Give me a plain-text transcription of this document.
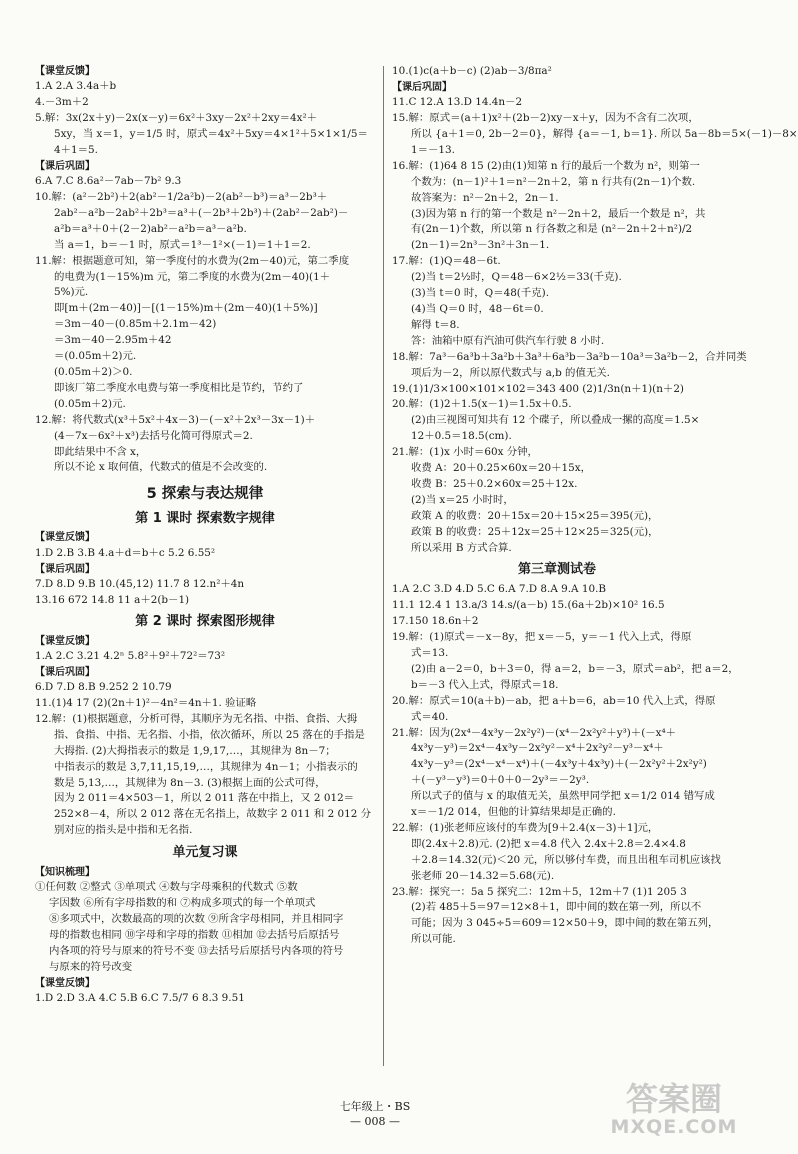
【课堂反馈】
1.A 2.A 3.4a＋b
4.－3m＋2
5.解：3x(2x＋y)－2x(x－y)＝6x²＋3xy－2x²＋2xy＝4x²＋
5xy，当 x＝1，y＝1/5 时，原式＝4x²＋5xy＝4×1²＋5×1×1/5＝
4＋1＝5.
【课后巩固】
6.A 7.C 8.6a²－7ab－7b² 9.3
10.解：(a²－2b²)＋2(ab²－1/2a²b)－2(ab²－b³)＝a³－2b³＋
2ab²－a²b－2ab²＋2b³＝a³＋(－2b³＋2b³)＋(2ab²－2ab²)－
a²b＝a³＋0＋(2－2)ab²－a²b＝a³－a²b.
当 a＝1，b＝－1 时，原式＝1³－1²×(－1)＝1＋1＝2.
11.解：根据题意可知，第一季度付的水费为(2m－40)元，第二季度
的电费为(1－15%)m 元，第二季度的水费为(2m－40)(1＋
5%)元.
即[m＋(2m－40)]－[(1－15%)m＋(2m－40)(1＋5%)]
＝3m－40－(0.85m＋2.1m－42)
＝3m－40－2.95m＋42
＝(0.05m＋2)元.
(0.05m＋2)＞0.
即该厂第二季度水电费与第一季度相比是节约，节约了
(0.05m＋2)元.
12.解：将代数式(x³＋5x²＋4x－3)－(－x²＋2x³－3x－1)＋
(4－7x－6x²＋x³)去括号化简可得原式＝2.
即此结果中不含 x，
所以不论 x 取何值，代数式的值是不会改变的.
5 探索与表达规律
第 1 课时 探索数字规律
【课堂反馈】
1.D 2.B 3.B 4.a＋d＝b＋c 5.2 6.55²
【课后巩固】
7.D 8.D 9.B 10.(45,12) 11.7 8 12.n²＋4n
13.16 672 14.8 11 a＋2(b－1)
第 2 课时 探索图形规律
【课堂反馈】
1.A 2.C 3.21 4.2ⁿ 5.8²＋9²＋72²＝73²
【课后巩固】
6.D 7.D 8.B 9.252 2 10.79
11.(1)4 17 (2)(2n＋1)²－4n²＝4n＋1. 验证略
12.解：(1)根据题意，分析可得，其顺序为无名指、中指、食指、大拇
指、食指、中指、无名指、小指，依次循环，所以 25 落在的手指是
大拇指. (2)大拇指表示的数是 1,9,17,…，其规律为 8n－7；
中指表示的数是 3,7,11,15,19,…，其规律为 4n－1；小指表示的
数是 5,13,…，其规律为 8n－3. (3)根据上面的公式可得，
因为 2 011＝4×503－1，所以 2 011 落在中指上，又 2 012＝
252×8－4，所以 2 012 落在无名指上，故数字 2 011 和 2 012 分
别对应的指头是中指和无名指.
单元复习课
【知识梳理】
①任何数 ②整式 ③单项式 ④数与字母乘积的代数式 ⑤数
字因数 ⑥所有字母指数的和 ⑦构成多项式的每一个单项式
⑧多项式中，次数最高的项的次数 ⑨所含字母相同，并且相同字
母的指数也相同 ⑩字母和字母的指数 ⑪相加 ⑫去括号后原括号
内各项的符号与原来的符号不变 ⑬去括号后原括号内各项的符号
与原来的符号改变
【课堂反馈】
1.D 2.D 3.A 4.C 5.B 6.C 7.5/7 6 8.3 9.51
10.(1)c(a＋b－c) (2)ab－3/8πa²
【课后巩固】
11.C 12.A 13.D 14.4n－2
15.解：原式＝(a＋1)x²＋(2b－2)xy－x＋y，因为不含有二次项，
所以 {a＋1＝0, 2b－2＝0}，解得 {a＝－1, b＝1}. 所以 5a－8b＝5×(－1)－8×
1＝－13.
16.解：(1)64 8 15 (2)由(1)知第 n 行的最后一个数为 n²，则第一
个数为：(n－1)²＋1＝n²－2n＋2，第 n 行共有(2n－1)个数.
故答案为：n²－2n＋2，2n－1.
(3)因为第 n 行的第一个数是 n²－2n＋2，最后一个数是 n²，共
有(2n－1)个数，所以第 n 行各数之和是 (n²－2n＋2＋n²)/2
(2n－1)＝2n³－3n²＋3n－1.
17.解：(1)Q＝48－6t.
(2)当 t＝2½时，Q＝48－6×2½＝33(千克).
(3)当 t＝0 时，Q＝48(千克).
(4)当 Q＝0 时，48－6t＝0.
解得 t＝8.
答：油箱中原有汽油可供汽车行驶 8 小时.
18.解：7a³－6a³b＋3a²b＋3a³＋6a³b－3a²b－10a³＝3a²b－2，合并同类
项后为－2，所以原代数式与 a,b 的值无关.
19.(1)1/3×100×101×102＝343 400 (2)1/3n(n＋1)(n＋2)
20.解：(1)2＋1.5(x－1)＝1.5x＋0.5.
(2)由三视图可知共有 12 个碟子，所以叠成一摞的高度＝1.5×
12＋0.5＝18.5(cm).
21.解：(1)x 小时＝60x 分钟，
收费 A：20＋0.25×60x＝20＋15x，
收费 B：25＋0.2×60x＝25＋12x.
(2)当 x＝25 小时时，
政策 A 的收费：20＋15x＝20＋15×25＝395(元)，
政策 B 的收费：25＋12x＝25＋12×25＝325(元)，
所以采用 B 方式合算.
第三章测试卷
1.A 2.C 3.D 4.D 5.C 6.A 7.D 8.A 9.A 10.B
11.1 12.4 1 13.a/3 14.s/(a－b) 15.(6a＋2b)×10² 16.5
17.150 18.6n＋2
19.解：(1)原式＝－x－8y，把 x＝－5，y＝－1 代入上式，得原
式＝13.
(2)由 a－2＝0，b＋3＝0，得 a＝2，b＝－3，原式＝ab²，把 a＝2，
b＝－3 代入上式，得原式＝18.
20.解：原式＝10(a＋b)－ab，把 a＋b＝6，ab＝10 代入上式，得原
式＝40.
21.解：因为(2x⁴－4x³y－2x²y²)－(x⁴－2x²y²＋y³)＋(－x⁴＋
4x³y－y³)＝2x⁴－4x³y－2x²y²－x⁴＋2x²y²－y³－x⁴＋
4x³y－y³＝(2x⁴－x⁴－x⁴)＋(－4x³y＋4x³y)＋(－2x²y²＋2x²y²)
＋(－y³－y³)＝0＋0＋0－2y³＝－2y³.
所以式子的值与 x 的取值无关，虽然甲同学把 x＝1/2 014 错写成
x＝－1/2 014，但他的计算结果却是正确的.
22.解：(1)张老师应该付的车费为[9＋2.4(x－3)＋1]元，
即(2.4x＋2.8)元. (2)把 x＝4.8 代入 2.4x＋2.8＝2.4×4.8
＋2.8＝14.32(元)＜20 元，所以够付车费，而且出租车司机应该找
张老师 20－14.32＝5.68(元).
23.解：探究一：5a 5 探究二：12m＋5，12m＋7 (1)1 205 3
(2)若 485＋5＝97＝12×8＋1，即中间的数在第一列，所以不
可能；因为 3 045÷5＝609＝12×50＋9，即中间的数在第五列，
所以可能.
七年级上・BS
— 008 —
答案圈
MXQE.COM
